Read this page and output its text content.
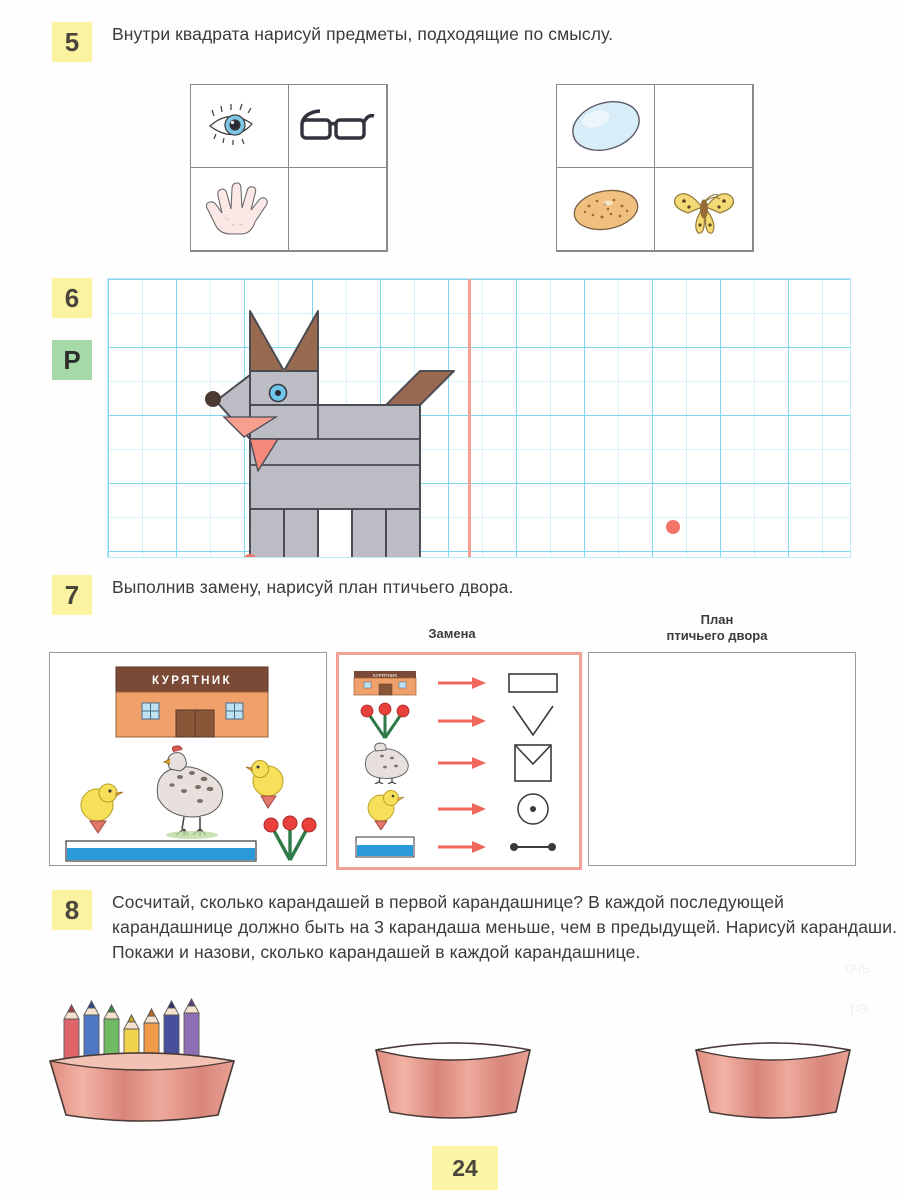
5	Внутри квадрата нарисуй предметы, подходящие по смыслу.
6
Р
7	Выполнив замену, нарисуй план птичьего двора.
Замена
План
птичьего двора
КУРЯТНИК	КУРЯТНИК
8	Сосчитай, сколько карандашей в первой карандашнице? В каждой последующей карандашнице должно быть на 3 карандаша меньше, чем в предыдущей. Нарисуй карандаши. Покажи и назови, сколько карандашей в каждой карандашнице.
24
очь
ра
